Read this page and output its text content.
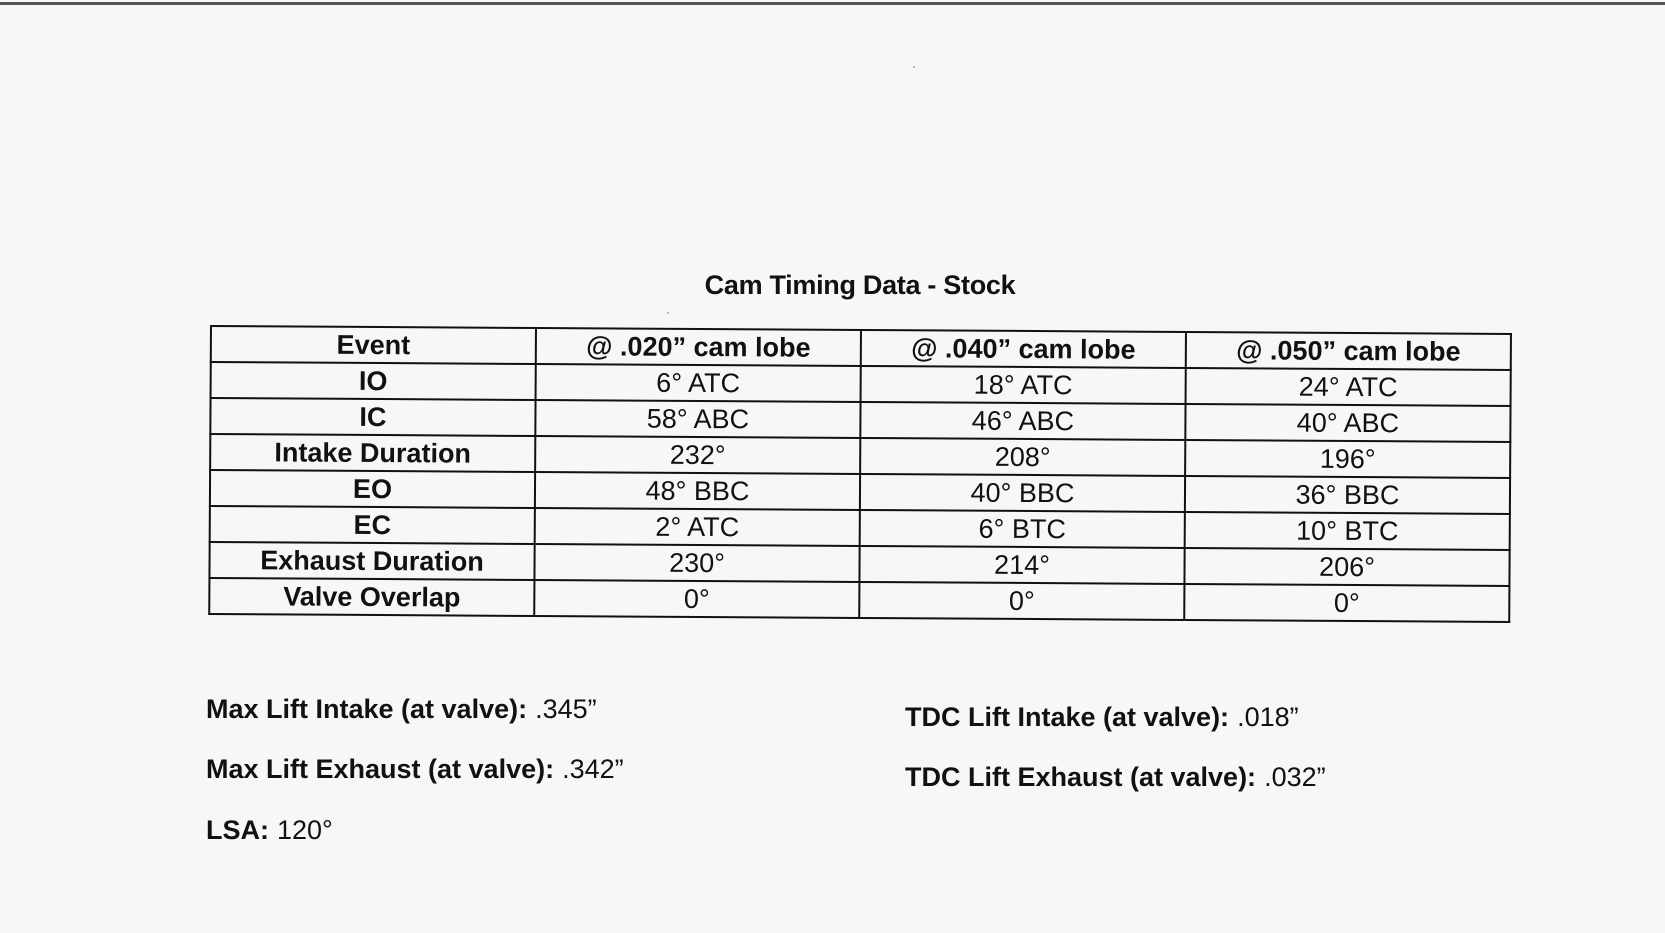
Cam Timing Data - Stock
Event	@ .020” cam lobe	@ .040” cam lobe	@ .050” cam lobe
IO	6° ATC	18° ATC	24° ATC
IC	58° ABC	46° ABC	40° ABC
Intake Duration	232°	208°	196°
EO	48° BBC	40° BBC	36° BBC
EC	2° ATC	6° BTC	10° BTC
Exhaust Duration	230°	214°	206°
Valve Overlap	0°	0°	0°
Max Lift Intake (at valve): .345”
Max Lift Exhaust (at valve): .342”
LSA: 120°
TDC Lift Intake (at valve): .018”
TDC Lift Exhaust (at valve): .032”
